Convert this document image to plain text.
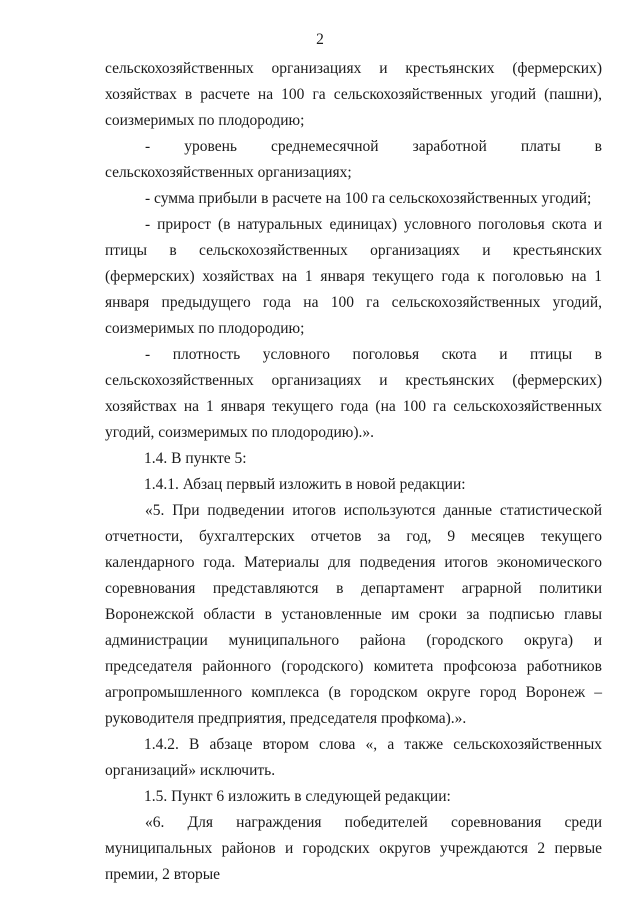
2

сельскохозяйственных организациях и крестьянских (фермерских) хозяйствах в расчете на 100 га сельскохозяйственных угодий (пашни), соизмеримых по плодородию;

- уровень среднемесячной заработной платы в сельскохозяйственных организациях;

- сумма прибыли в расчете на 100 га сельскохозяйственных угодий;

- прирост (в натуральных единицах) условного поголовья скота и птицы в сельскохозяйственных организациях и крестьянских (фермерских) хозяйствах на 1 января текущего года к поголовью на 1 января предыдущего года на 100 га сельскохозяйственных угодий, соизмеримых по плодородию;

- плотность условного поголовья скота и птицы в сельскохозяйственных организациях и крестьянских (фермерских) хозяйствах на 1 января текущего года (на 100 га сельскохозяйственных угодий, соизмеримых по плодородию).».

1.4. В пункте 5:

1.4.1. Абзац первый изложить в новой редакции:

«5. При подведении итогов используются данные статистической отчетности, бухгалтерских отчетов за год, 9 месяцев текущего календарного года. Материалы для подведения итогов экономического соревнования представляются в департамент аграрной политики Воронежской области в установленные им сроки за подписью главы администрации муниципального района (городского округа) и председателя районного (городского) комитета профсоюза работников агропромышленного комплекса (в городском округе город Воронеж – руководителя предприятия, председателя профкома).».

1.4.2. В абзаце втором слова «, а также сельскохозяйственных организаций» исключить.

1.5. Пункт 6 изложить в следующей редакции:

«6. Для награждения победителей соревнования среди муниципальных районов и городских округов учреждаются 2 первые премии, 2 вторые
